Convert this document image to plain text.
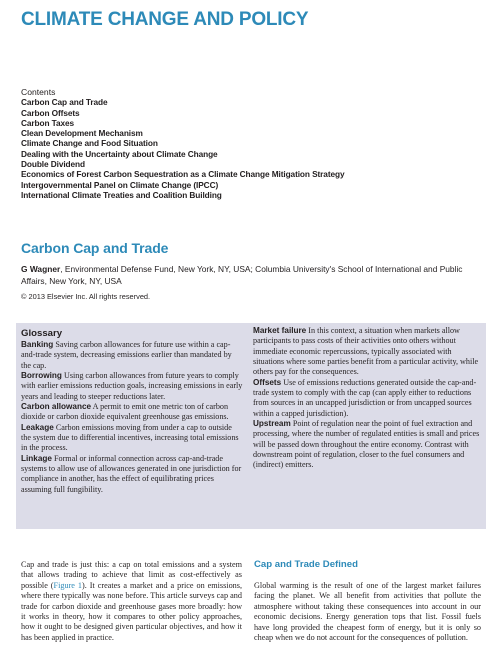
CLIMATE CHANGE AND POLICY
Contents
Carbon Cap and Trade
Carbon Offsets
Carbon Taxes
Clean Development Mechanism
Climate Change and Food Situation
Dealing with the Uncertainty about Climate Change
Double Dividend
Economics of Forest Carbon Sequestration as a Climate Change Mitigation Strategy
Intergovernmental Panel on Climate Change (IPCC)
International Climate Treaties and Coalition Building
Carbon Cap and Trade
G Wagner, Environmental Defense Fund, New York, NY, USA; Columbia University's School of International and Public Affairs, New York, NY, USA
© 2013 Elsevier Inc. All rights reserved.
Glossary

Banking Saving carbon allowances for future use within a cap-and-trade system, decreasing emissions earlier than mandated by the cap.

Borrowing Using carbon allowances from future years to comply with earlier emissions reduction goals, increasing emissions in early years and leading to steeper reductions later.

Carbon allowance A permit to emit one metric ton of carbon dioxide or carbon dioxide equivalent greenhouse gas emissions.

Leakage Carbon emissions moving from under a cap to outside the system due to differential incentives, increasing total emissions in the process.

Linkage Formal or informal connection across cap-and-trade systems to allow use of allowances generated in one jurisdiction for compliance in another, has the effect of equilibrating prices assuming full fungibility.

Market failure In this context, a situation when markets allow participants to pass costs of their activities onto others without immediate economic repercussions, typically associated with situations where some parties benefit from a particular activity, while others pay for the consequences.

Offsets Use of emissions reductions generated outside the cap-and-trade system to comply with the cap (can apply either to reductions from sources in an uncapped jurisdiction or from uncapped sources within a capped jurisdiction).

Upstream Point of regulation near the point of fuel extraction and processing, where the number of regulated entities is small and prices will be passed down throughout the entire economy. Contrast with downstream point of regulation, closer to the fuel consumers and (indirect) emitters.

Cap and trade is just this: a cap on total emissions and a system that allows trading to achieve that limit as cost-effectively as possible (Figure 1). It creates a market and a price on emissions, where there typically was none before. This article surveys cap and trade for carbon dioxide and greenhouse gases more broadly: how it works in theory, how it compares to other policy approaches, how it ought to be designed given particular objectives, and how it has been applied in practice.
Cap and Trade Defined
Global warming is the result of one of the largest market failures facing the planet. We all benefit from activities that pollute the atmosphere without taking these consequences into account in our economic decisions. Energy generation tops that list. Fossil fuels have long provided the cheapest form of energy, but it is only so cheap when we do not account for the consequences of pollution.
